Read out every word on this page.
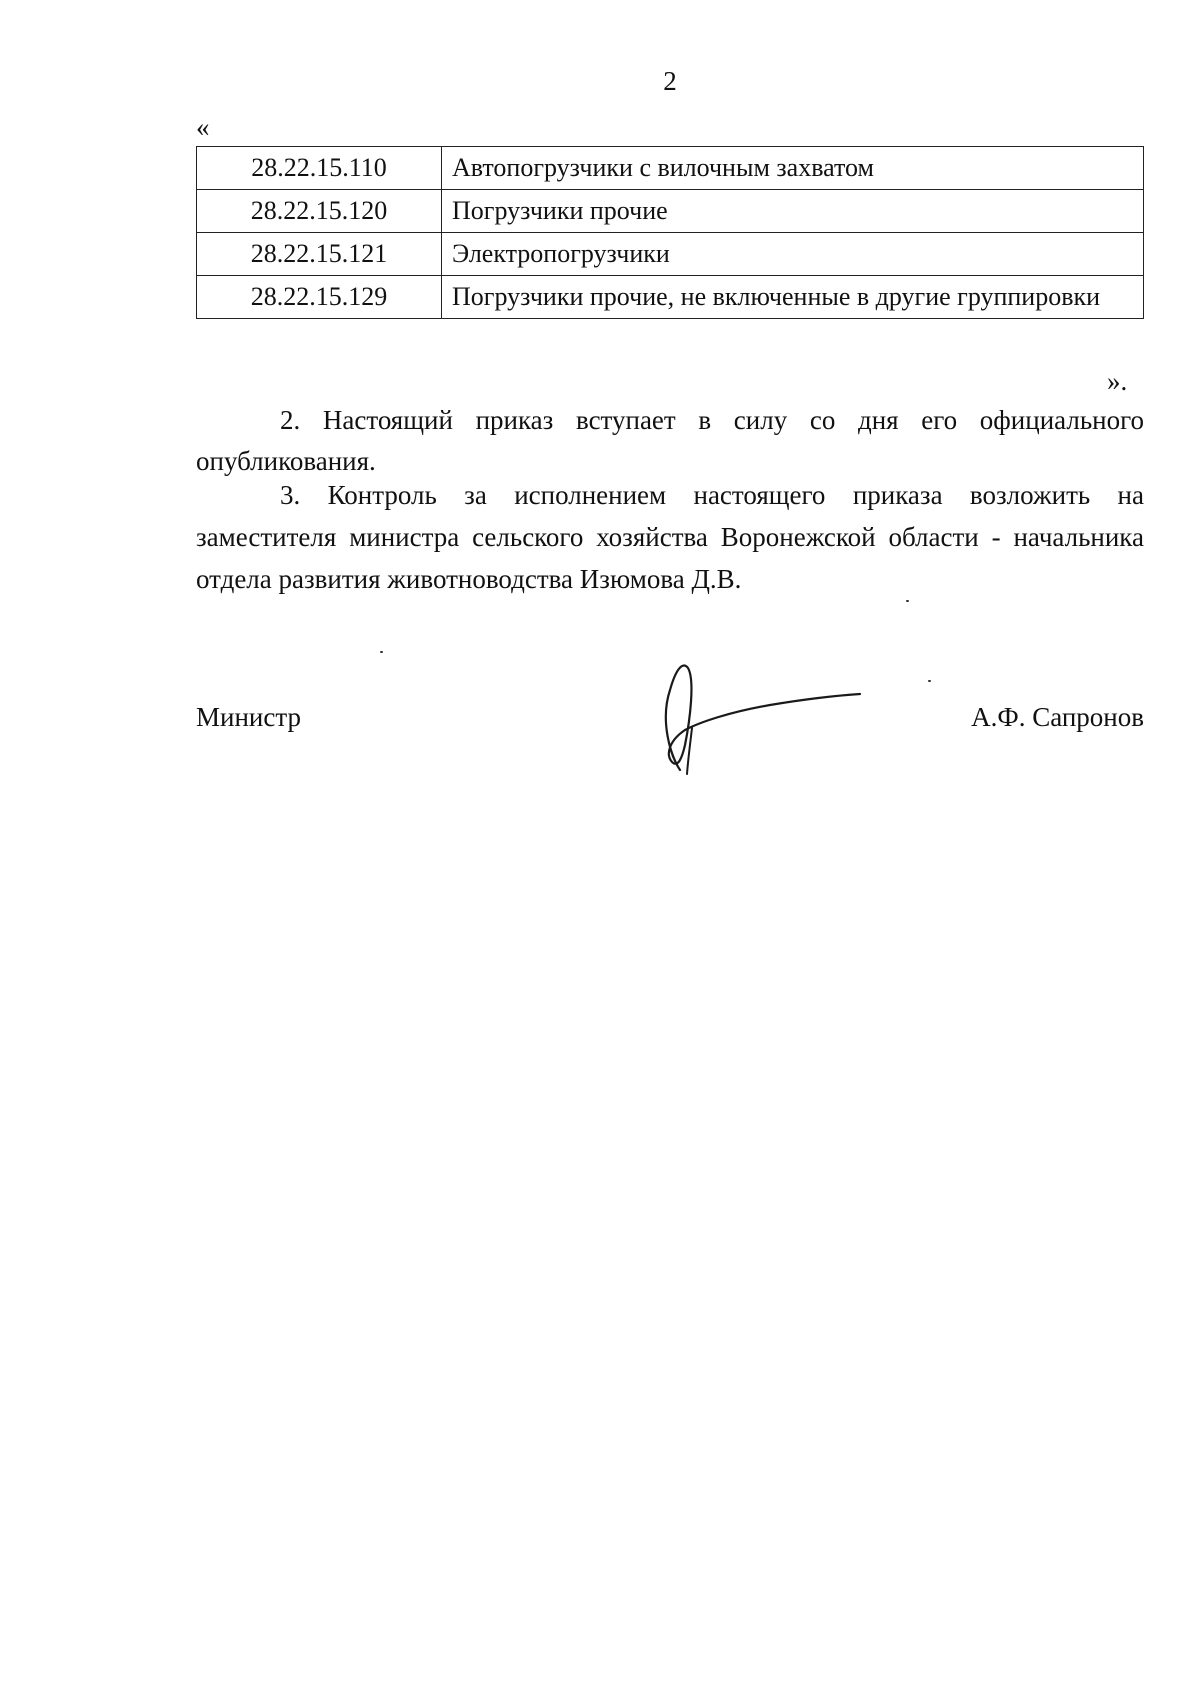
2
«
28.22.15.110	Автопогрузчики с вилочным захватом
28.22.15.120	Погрузчики прочие
28.22.15.121	Электропогрузчики
28.22.15.129	Погрузчики прочие, не включенные в другие группировки
».
2. Настоящий приказ вступает в силу со дня его официального опубликования.
3. Контроль за исполнением настоящего приказа возложить на заместителя министра сельского хозяйства Воронежской области - начальника отдела развития животноводства Изюмова Д.В.
Министр	А.Ф. Сапронов
